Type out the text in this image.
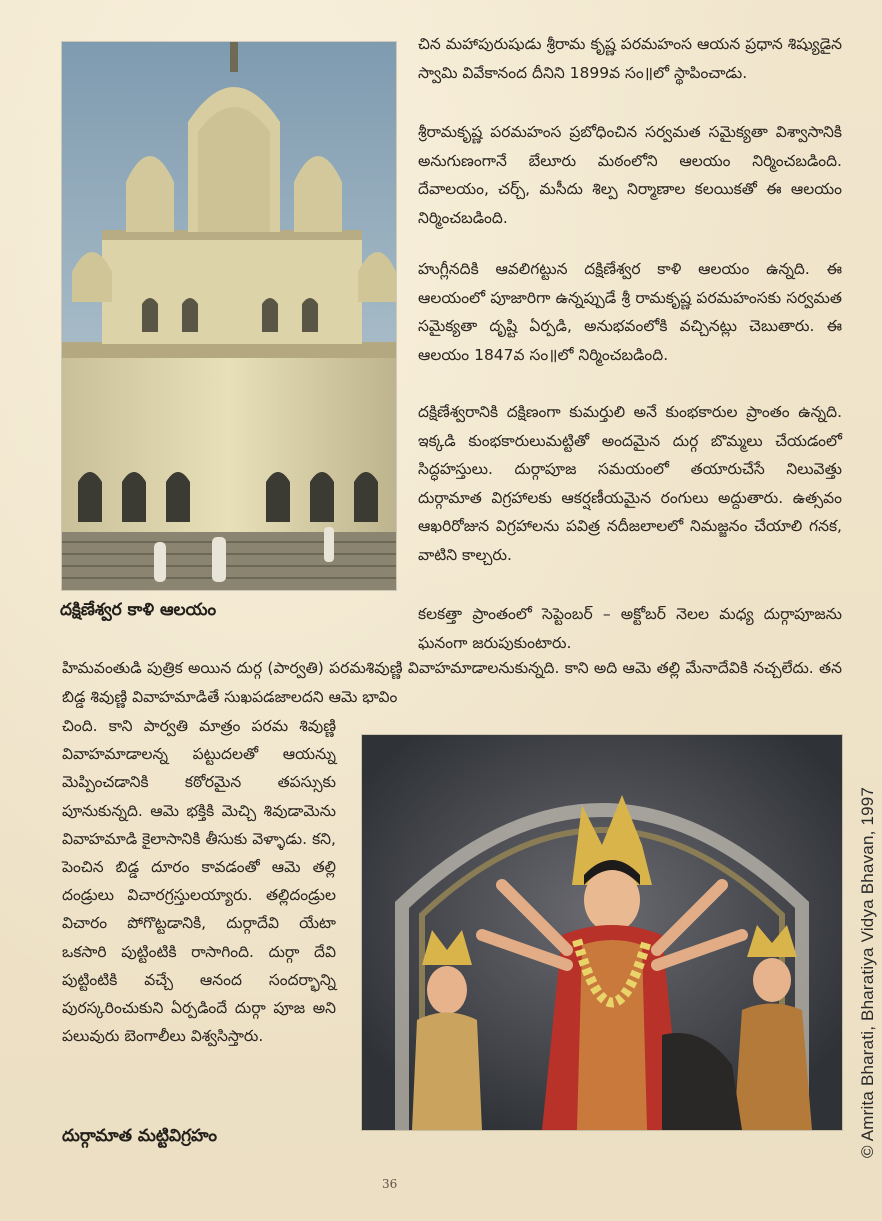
దక్షిణేశ్వర కాళి ఆలయం

చిన మహాపురుషుడు శ్రీరామ కృష్ణ పరమహంస ఆయన ప్రధాన శిష్యుడైన స్వామి వివేకానంద దీనిని 1899వ సం॥లో స్థాపించాడు.

శ్రీరామకృష్ణ పరమహంస ప్రబోధించిన సర్వమత సమైక్యతా విశ్వాసానికి అనుగుణంగానే బేలూరు మఠంలోని ఆలయం నిర్మించబడింది. దేవాలయం, చర్చ్, మసీదు శిల్ప నిర్మాణాల కలయికతో ఈ ఆలయం నిర్మించబడింది.

హుగ్లీనదికి ఆవలిగట్టున దక్షిణేశ్వర కాళి ఆలయం ఉన్నది. ఈ ఆలయంలో పూజారిగా ఉన్నప్పుడే శ్రీ రామకృష్ణ పరమహంసకు సర్వమత సమైక్యతా దృష్టి ఏర్పడి, అనుభవంలోకి వచ్చినట్లు చెబుతారు. ఈ ఆలయం 1847వ సం॥లో నిర్మించబడింది.

దక్షిణేశ్వరానికి దక్షిణంగా కుమర్తులి అనే కుంభకారుల ప్రాంతం ఉన్నది. ఇక్కడి కుంభకారులుమట్టితో అందమైన దుర్గ బొమ్మలు చేయడంలో సిద్ధహస్తులు. దుర్గాపూజ సమయంలో తయారుచేసే నిలువెత్తు దుర్గామాత విగ్రహాలకు ఆకర్షణీయమైన రంగులు అద్దుతారు. ఉత్సవం ఆఖరిరోజున విగ్రహాలను పవిత్ర నదీజలాలలో నిమజ్జనం చేయాలి గనక, వాటిని కాల్చరు.

కలకత్తా ప్రాంతంలో సెప్టెంబర్ – అక్టోబర్ నెలల మధ్య దుర్గాపూజను ఘనంగా జరుపుకుంటారు.

హిమవంతుడి పుత్రిక అయిన దుర్గ (పార్వతి) పరమశివుణ్ణి వివాహమాడాలనుకున్నది. కాని అది ఆమె తల్లి మేనాదేవికి నచ్చలేదు. తన బిడ్డ శివుణ్ణి వివాహమాడితే సుఖపడజాలదని ఆమె భావిం

చింది. కాని పార్వతి మాత్రం పరమ శివుణ్ణి వివాహమాడాలన్న పట్టుదలతో ఆయన్ను మెప్పించడానికి కఠోరమైన తపస్సుకు పూనుకున్నది. ఆమె భక్తికి మెచ్చి శివుడామెను వివాహమాడి కైలాసానికి తీసుకు వెళ్ళాడు. కని, పెంచిన బిడ్డ దూరం కావడంతో ఆమె తల్లి దండ్రులు విచారగ్రస్తులయ్యారు. తల్లిదండ్రుల విచారం పోగొట్టడానికి, దుర్గాదేవి యేటా ఒకసారి పుట్టింటికి రాసాగింది. దుర్గా దేవి పుట్టింటికి వచ్చే ఆనంద సందర్భాన్ని పురస్కరించుకుని ఏర్పడిందే దుర్గా పూజ అని పలువురు బెంగాలీలు విశ్వసిస్తారు.

దుర్గామాత మట్టివిగ్రహం

36
© Amrita Bharati, Bharatiya Vidya Bhavan, 1997
